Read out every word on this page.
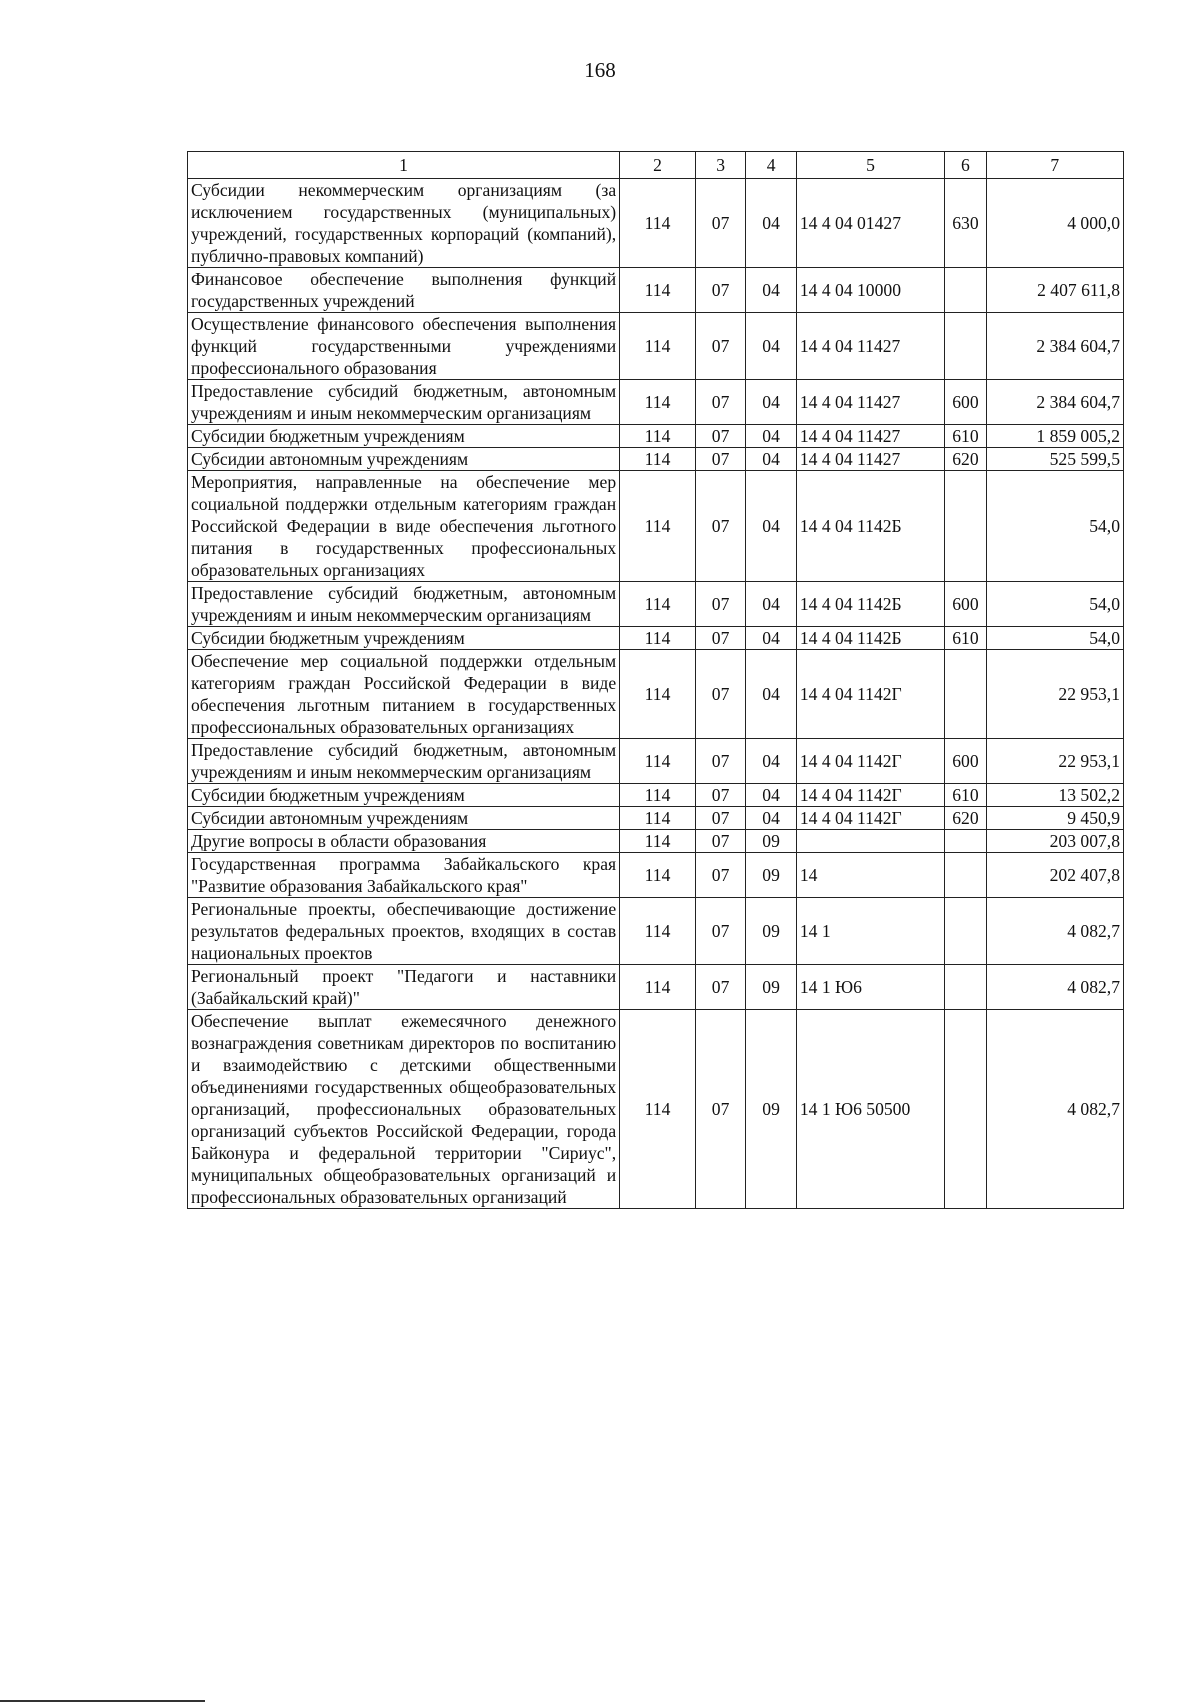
168
1	2	3	4	5	6	7
Субсидии некоммерческим организациям (за исключением государственных (муниципальных) учреждений, государственных корпораций (компаний), публично-правовых компаний)	114	07	04	14 4 04 01427	630	4 000,0
Финансовое обеспечение выполнения функций государственных учреждений	114	07	04	14 4 04 10000		2 407 611,8
Осуществление финансового обеспечения выполнения функций государственными учреждениями профессионального образования	114	07	04	14 4 04 11427		2 384 604,7
Предоставление субсидий бюджетным, автономным учреждениям и иным некоммерческим организациям	114	07	04	14 4 04 11427	600	2 384 604,7
Субсидии бюджетным учреждениям	114	07	04	14 4 04 11427	610	1 859 005,2
Субсидии автономным учреждениям	114	07	04	14 4 04 11427	620	525 599,5
Мероприятия, направленные на обеспечение мер социальной поддержки отдельным категориям граждан Российской Федерации в виде обеспечения льготного питания в государственных профессиональных образовательных организациях	114	07	04	14 4 04 1142Б		54,0
Предоставление субсидий бюджетным, автономным учреждениям и иным некоммерческим организациям	114	07	04	14 4 04 1142Б	600	54,0
Субсидии бюджетным учреждениям	114	07	04	14 4 04 1142Б	610	54,0
Обеспечение мер социальной поддержки отдельным категориям граждан Российской Федерации в виде обеспечения льготным питанием в государственных профессиональных образовательных организациях	114	07	04	14 4 04 1142Г		22 953,1
Предоставление субсидий бюджетным, автономным учреждениям и иным некоммерческим организациям	114	07	04	14 4 04 1142Г	600	22 953,1
Субсидии бюджетным учреждениям	114	07	04	14 4 04 1142Г	610	13 502,2
Субсидии автономным учреждениям	114	07	04	14 4 04 1142Г	620	9 450,9
Другие вопросы в области образования	114	07	09			203 007,8
Государственная программа Забайкальского края "Развитие образования Забайкальского края"	114	07	09	14		202 407,8
Региональные проекты, обеспечивающие достижение результатов федеральных проектов, входящих в состав национальных проектов	114	07	09	14 1		4 082,7
Региональный проект "Педагоги и наставники (Забайкальский край)"	114	07	09	14 1 Ю6		4 082,7
Обеспечение выплат ежемесячного денежного вознаграждения советникам директоров по воспитанию и взаимодействию с детскими общественными объединениями государственных общеобразовательных организаций, профессиональных образовательных организаций субъектов Российской Федерации, города Байконура и федеральной территории "Сириус", муниципальных общеобразовательных организаций и профессиональных образовательных организаций	114	07	09	14 1 Ю6 50500		4 082,7
